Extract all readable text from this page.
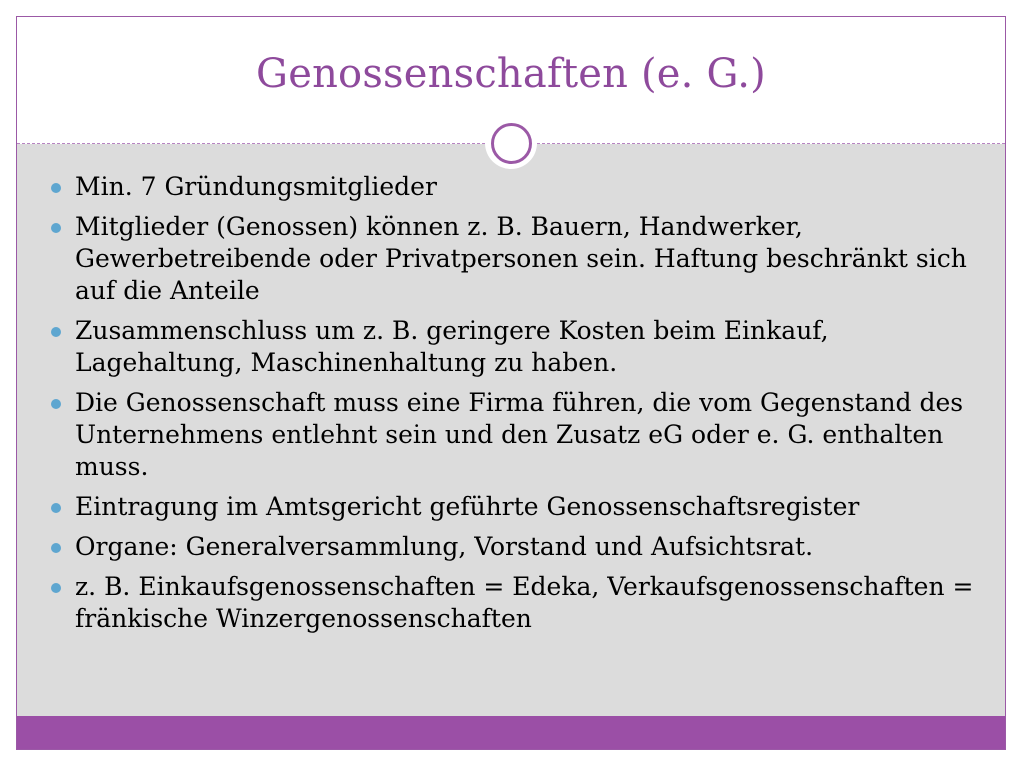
Genossenschaften (e. G.)
Min. 7 Gründungsmitglieder
Mitglieder (Genossen) können z. B. Bauern, Handwerker, Gewerbetreibende oder Privatpersonen sein. Haftung beschränkt sich auf die Anteile
Zusammenschluss um z. B. geringere Kosten beim Einkauf, Lagehaltung, Maschinenhaltung zu haben.
Die Genossenschaft muss eine Firma führen, die vom Gegenstand des Unternehmens entlehnt sein und den Zusatz eG oder e. G. enthalten muss.
Eintragung im Amtsgericht geführte Genossenschaftsregister
Organe: Generalversammlung, Vorstand und Aufsichtsrat.
z. B. Einkaufsgenossenschaften = Edeka, Verkaufsgenossenschaften = fränkische Winzergenossenschaften
